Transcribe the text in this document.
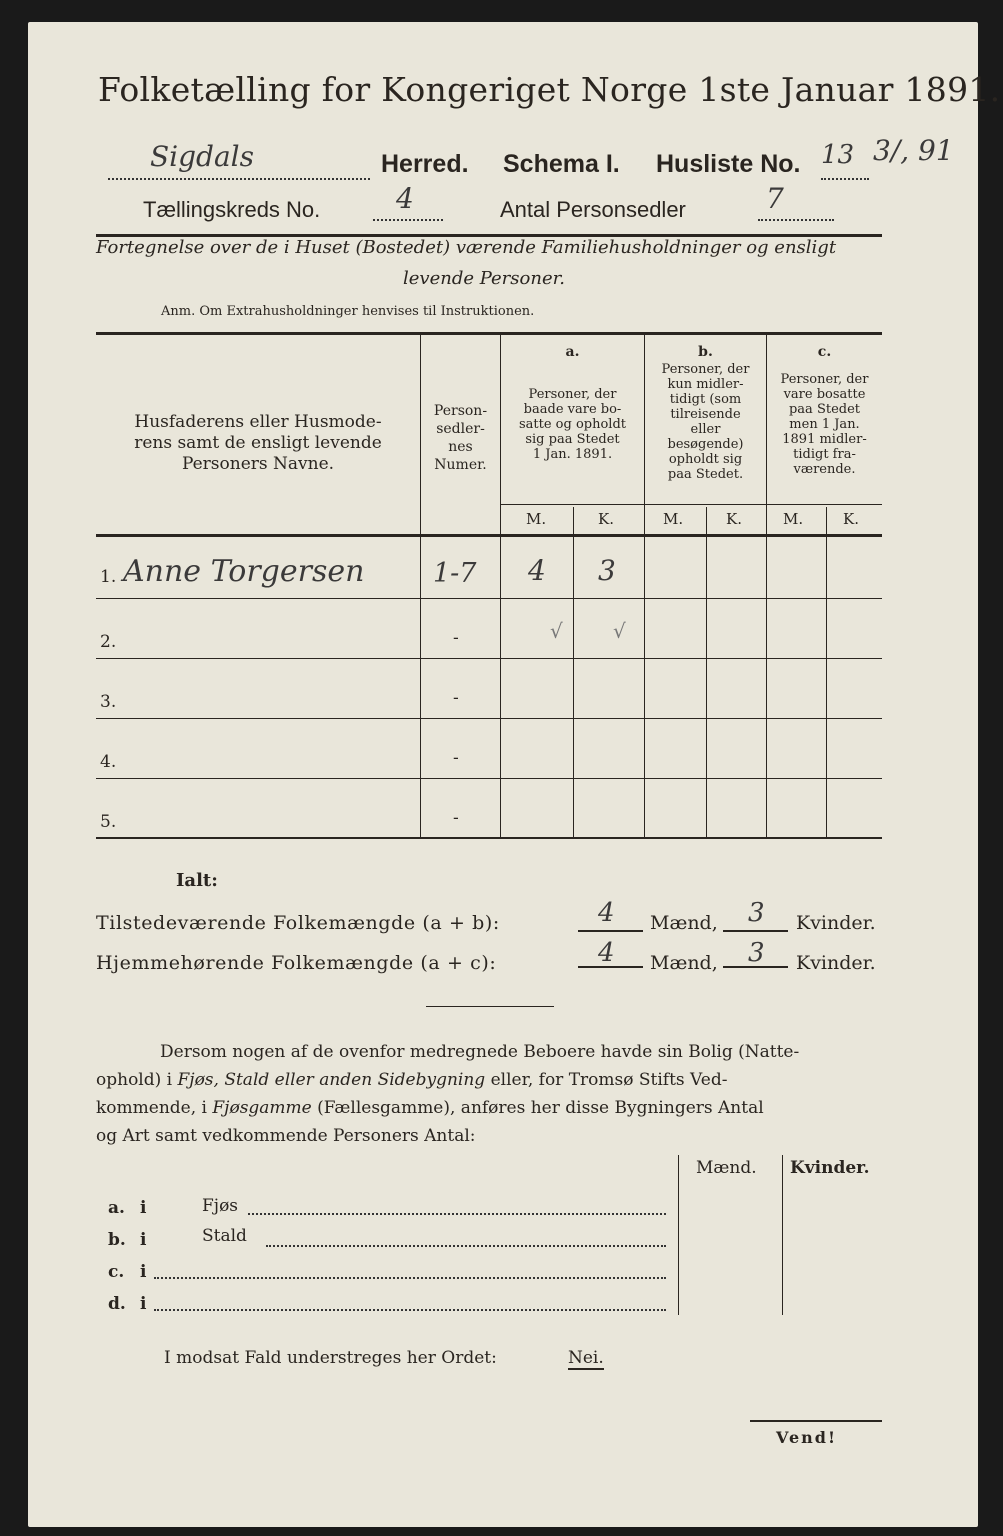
Folketælling for Kongeriget Norge 1ste Januar 1891.
Sigdals	Herred. Schema I. Husliste No. 13 3/, 91
Tællingskreds No.	4	Antal Personsedler	7
Fortegnelse over de i Huset (Bostedet) værende Familiehusholdninger og ensligt
levende Personer.
Anm. Om Extrahusholdninger henvises til Instruktionen.
Husfaderens eller Husmode-
rens samt de ensligt levende
Personers Navne.
Person-
sedler-
nes
Numer.
a.
Personer, der
baade vare bo-
satte og opholdt
sig paa Stedet
1 Jan. 1891.
b.
Personer, der
kun midler-
tidigt (som
tilreisende
eller
besøgende)
opholdt sig
paa Stedet.
c.
Personer, der
vare bosatte
paa Stedet
men 1 Jan.
1891 midler-
tidigt fra-
værende.
M.	K.	M.	K.	M.	K.
1. Anne Torgersen	1-7 4 3
2.	-	√	√
3.	-
4.	-
5.	-
Ialt:
Tilstedeværende Folkemængde (a + b):	4 Mænd, 3 Kvinder.
Hjemmehørende Folkemængde (a + c):	4 Mænd, 3 Kvinder.
Dersom nogen af de ovenfor medregnede Beboere havde sin Bolig (Natte-
ophold) i Fjøs, Stald eller anden Sidebygning eller, for Tromsø Stifts Ved-
kommende, i Fjøsgamme (Fællesgamme), anføres her disse Bygningers Antal
og Art samt vedkommende Personers Antal:
Mænd. Kvinder.
a. i	Fjøs
b. i	Stald
c. i
d. i
I modsat Fald understreges her Ordet:	Nei.
Vend!
